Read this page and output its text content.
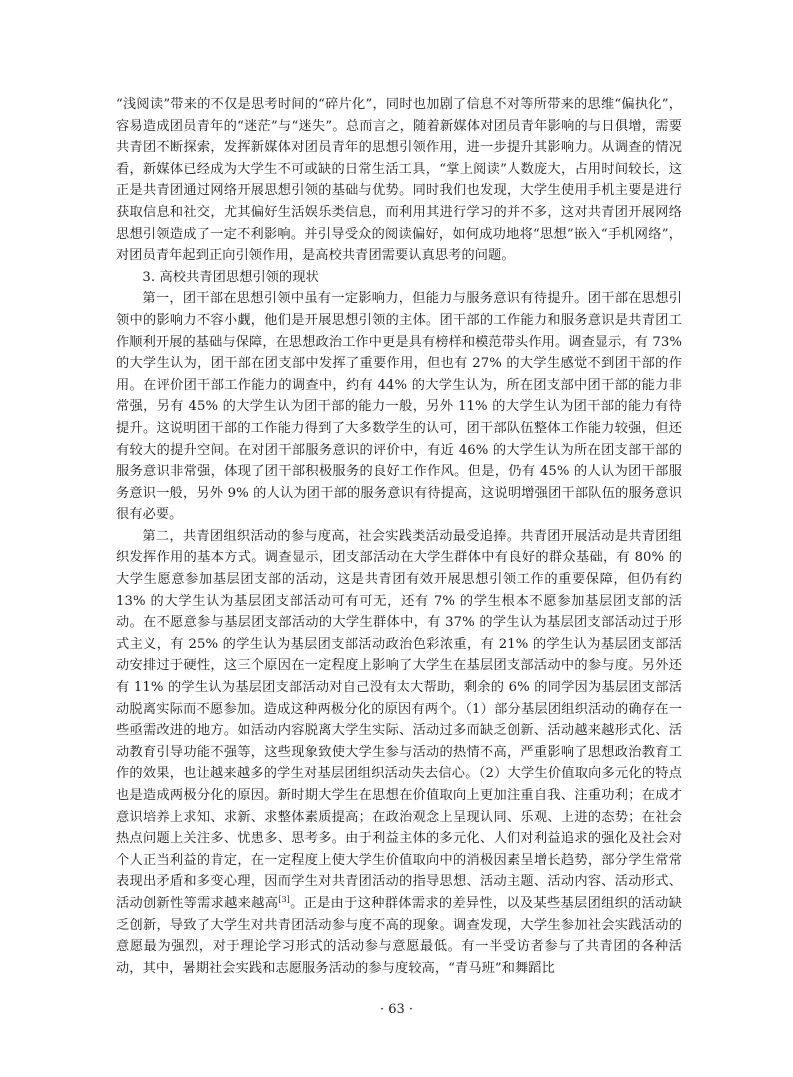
“浅阅读”带来的不仅是思考时间的“碎片化”，同时也加剧了信息不对等所带来的思维“偏执化”，容易造成团员青年的“迷茫”与“迷失”。总而言之，随着新媒体对团员青年影响的与日俱增，需要共青团不断探索，发挥新媒体对团员青年的思想引领作用，进一步提升其影响力。从调查的情况看，新媒体已经成为大学生不可或缺的日常生活工具，“掌上阅读”人数庞大，占用时间较长，这正是共青团通过网络开展思想引领的基础与优势。同时我们也发现，大学生使用手机主要是进行获取信息和社交，尤其偏好生活娱乐类信息，而利用其进行学习的并不多，这对共青团开展网络思想引领造成了一定不利影响。并引导受众的阅读偏好，如何成功地将“思想”嵌入“手机网络”，对团员青年起到正向引领作用，是高校共青团需要认真思考的问题。

3. 高校共青团思想引领的现状

第一，团干部在思想引领中虽有一定影响力，但能力与服务意识有待提升。团干部在思想引领中的影响力不容小觑，他们是开展思想引领的主体。团干部的工作能力和服务意识是共青团工作顺利开展的基础与保障，在思想政治工作中更是具有榜样和模范带头作用。调查显示，有 73% 的大学生认为，团干部在团支部中发挥了重要作用，但也有 27% 的大学生感觉不到团干部的作用。在评价团干部工作能力的调查中，约有 44% 的大学生认为，所在团支部中团干部的能力非常强，另有 45% 的大学生认为团干部的能力一般，另外 11% 的大学生认为团干部的能力有待提升。这说明团干部的工作能力得到了大多数学生的认可，团干部队伍整体工作能力较强，但还有较大的提升空间。在对团干部服务意识的评价中，有近 46% 的大学生认为所在团支部干部的服务意识非常强，体现了团干部积极服务的良好工作作风。但是，仍有 45% 的人认为团干部服务意识一般，另外 9% 的人认为团干部的服务意识有待提高，这说明增强团干部队伍的服务意识很有必要。

第二，共青团组织活动的参与度高，社会实践类活动最受追捧。共青团开展活动是共青团组织发挥作用的基本方式。调查显示，团支部活动在大学生群体中有良好的群众基础，有 80% 的大学生愿意参加基层团支部的活动，这是共青团有效开展思想引领工作的重要保障，但仍有约 13% 的大学生认为基层团支部活动可有可无，还有 7% 的学生根本不愿参加基层团支部的活动。在不愿意参与基层团支部活动的大学生群体中，有 37% 的学生认为基层团支部活动过于形式主义，有 25% 的学生认为基层团支部活动政治色彩浓重，有 21% 的学生认为基层团支部活动安排过于硬性，这三个原因在一定程度上影响了大学生在基层团支部活动中的参与度。另外还有 11% 的学生认为基层团支部活动对自己没有太大帮助，剩余的 6% 的同学因为基层团支部活动脱离实际而不愿参加。造成这种两极分化的原因有两个。（1）部分基层团组织活动的确存在一些亟需改进的地方。如活动内容脱离大学生实际、活动过多而缺乏创新、活动越来越形式化、活动教育引导功能不强等，这些现象致使大学生参与活动的热情不高，严重影响了思想政治教育工作的效果，也让越来越多的学生对基层团组织活动失去信心。（2）大学生价值取向多元化的特点也是造成两极分化的原因。新时期大学生在思想在价值取向上更加注重自我、注重功利；在成才意识培养上求知、求新、求整体素质提高；在政治观念上呈现认同、乐观、上进的态势；在社会热点问题上关注多、忧患多、思考多。由于利益主体的多元化、人们对利益追求的强化及社会对个人正当利益的肯定，在一定程度上使大学生价值取向中的消极因素呈增长趋势，部分学生常常表现出矛盾和多变心理，因而学生对共青团活动的指导思想、活动主题、活动内容、活动形式、活动创新性等需求越来越高[3]。正是由于这种群体需求的差异性，以及某些基层团组织的活动缺乏创新，导致了大学生对共青团活动参与度不高的现象。调查发现，大学生参加社会实践活动的意愿最为强烈，对于理论学习形式的活动参与意愿最低。有一半受访者参与了共青团的各种活动，其中，暑期社会实践和志愿服务活动的参与度较高，“青马班”和舞蹈比

· 63 ·
